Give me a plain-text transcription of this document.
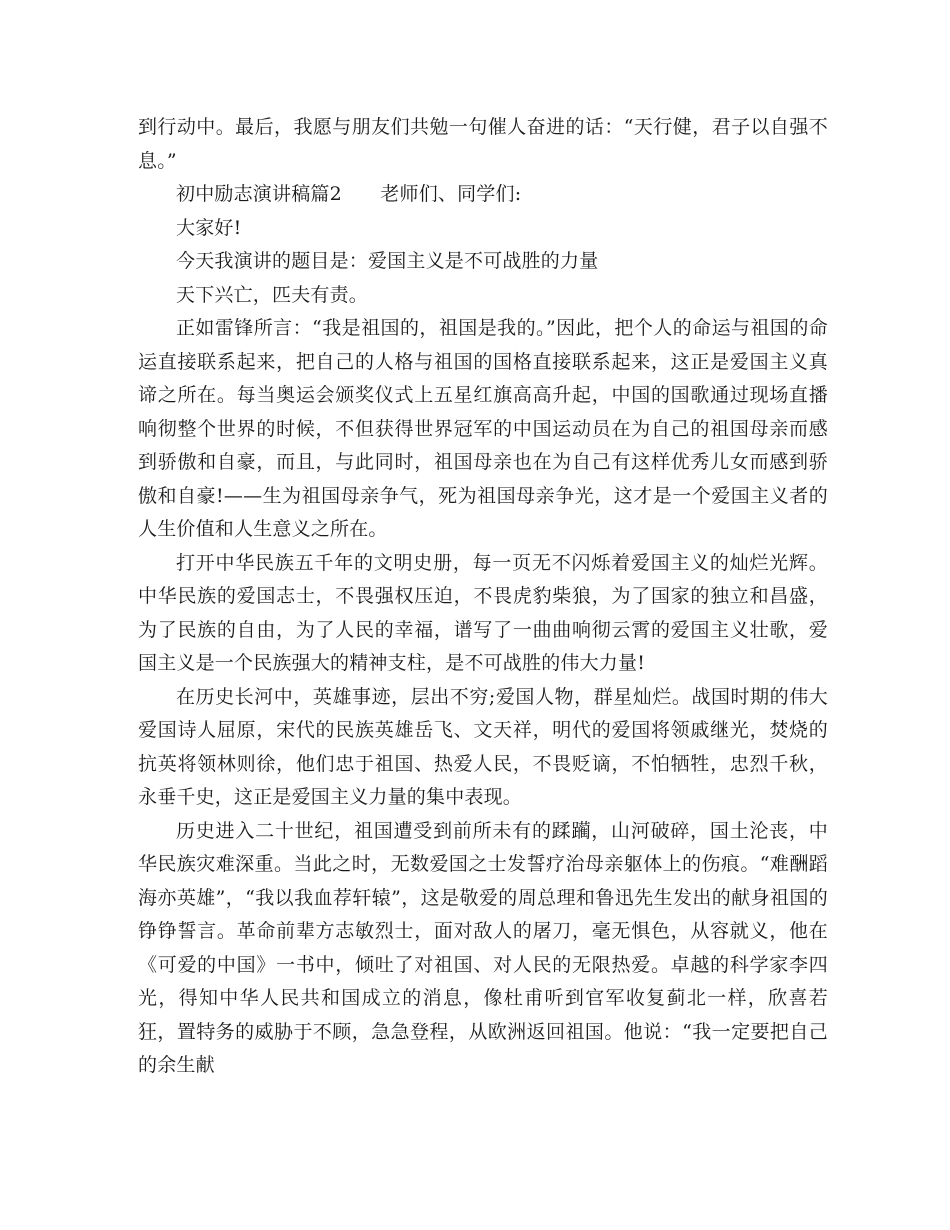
到行动中。最后，我愿与朋友们共勉一句催人奋进的话：“天行健，君子以自强不息。”

初中励志演讲稿篇2　　老师们、同学们:

大家好!

今天我演讲的题目是：爱国主义是不可战胜的力量

天下兴亡，匹夫有责。

正如雷锋所言：“我是祖国的，祖国是我的。”因此，把个人的命运与祖国的命运直接联系起来，把自己的人格与祖国的国格直接联系起来，这正是爱国主义真谛之所在。每当奥运会颁奖仪式上五星红旗高高升起，中国的国歌通过现场直播响彻整个世界的时候，不但获得世界冠军的中国运动员在为自己的祖国母亲而感到骄傲和自豪，而且，与此同时，祖国母亲也在为自己有这样优秀儿女而感到骄傲和自豪!——生为祖国母亲争气，死为祖国母亲争光，这才是一个爱国主义者的人生价值和人生意义之所在。

打开中华民族五千年的文明史册，每一页无不闪烁着爱国主义的灿烂光辉。中华民族的爱国志士，不畏强权压迫，不畏虎豹柴狼，为了国家的独立和昌盛，为了民族的自由，为了人民的幸福，谱写了一曲曲响彻云霄的爱国主义壮歌，爱国主义是一个民族强大的精神支柱，是不可战胜的伟大力量!

在历史长河中，英雄事迹，层出不穷;爱国人物，群星灿烂。战国时期的伟大爱国诗人屈原，宋代的民族英雄岳飞、文天祥，明代的爱国将领戚继光，焚烧的抗英将领林则徐，他们忠于祖国、热爱人民，不畏贬谪，不怕牺牲，忠烈千秋，永垂千史，这正是爱国主义力量的集中表现。

历史进入二十世纪，祖国遭受到前所未有的蹂躏，山河破碎，国土沦丧，中华民族灾难深重。当此之时，无数爱国之士发誓疗治母亲躯体上的伤痕。“难酬蹈海亦英雄”，“我以我血荐轩辕”，这是敬爱的周总理和鲁迅先生发出的献身祖国的铮铮誓言。革命前辈方志敏烈士，面对敌人的屠刀，毫无惧色，从容就义，他在《可爱的中国》一书中，倾吐了对祖国、对人民的无限热爱。卓越的科学家李四光，得知中华人民共和国成立的消息，像杜甫听到官军收复蓟北一样，欣喜若狂，置特务的威胁于不顾，急急登程，从欧洲返回祖国。他说：“我一定要把自己的余生献
